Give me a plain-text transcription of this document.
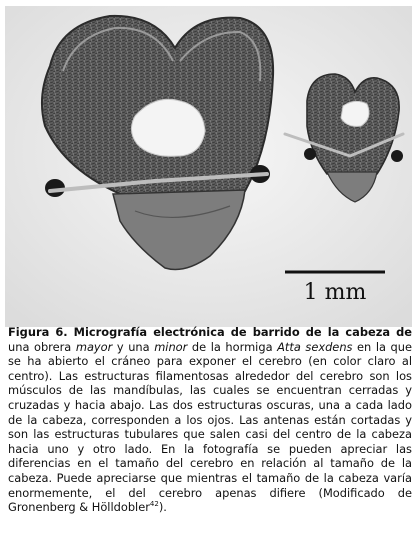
1 mm
Figura 6. Micrografía electrónica de barrido de la cabeza de una obrera mayor y una minor de la hormiga Atta sexdens en la que se ha abierto el cráneo para exponer el cerebro (en color claro al centro). Las estructuras filamentosas alrededor del cerebro son los músculos de las mandíbulas, las cuales se encuentran cerradas y cruzadas y hacia abajo. Las dos estructuras oscuras, una a cada lado de la cabeza, corresponden a los ojos. Las antenas están cortadas y son las estructuras tubulares que salen casi del centro de la cabeza hacia uno y otro lado. En la fotografía se pueden apreciar las diferencias en el tamaño del cerebro en relación al tamaño de la cabeza. Puede apreciarse que mientras el tamaño de la cabeza varía enormemente, el del cerebro apenas difiere (Modificado de Gronenberg & Hölldobler$^{42}$).
